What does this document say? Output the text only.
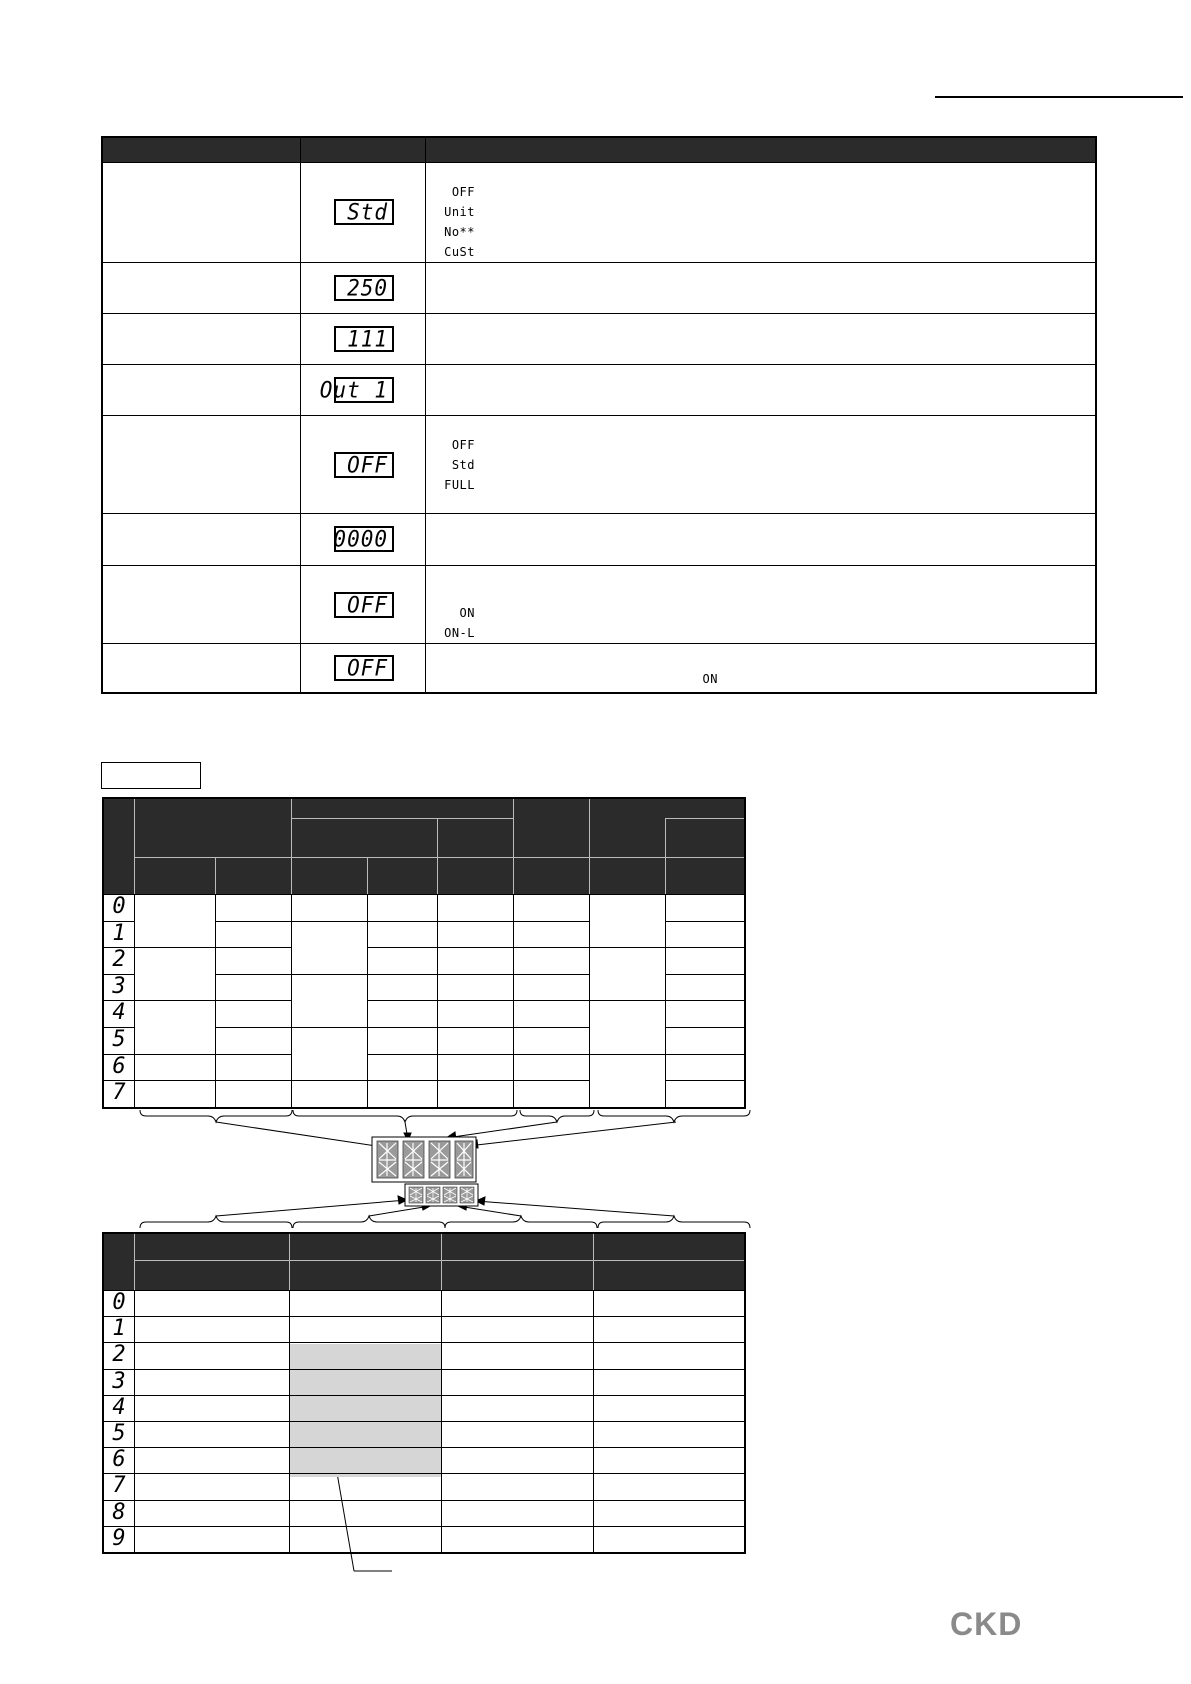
Std
OFF
Unit
No**
CuSt
250
111
Out 1
OFF
OFF
Std
FULL
0000
OFF	ON
ON-L
OFF	ON
0
1
2
3
4
5
6
7
0
1
2
3
4
5
6
7
8
9
CKD
